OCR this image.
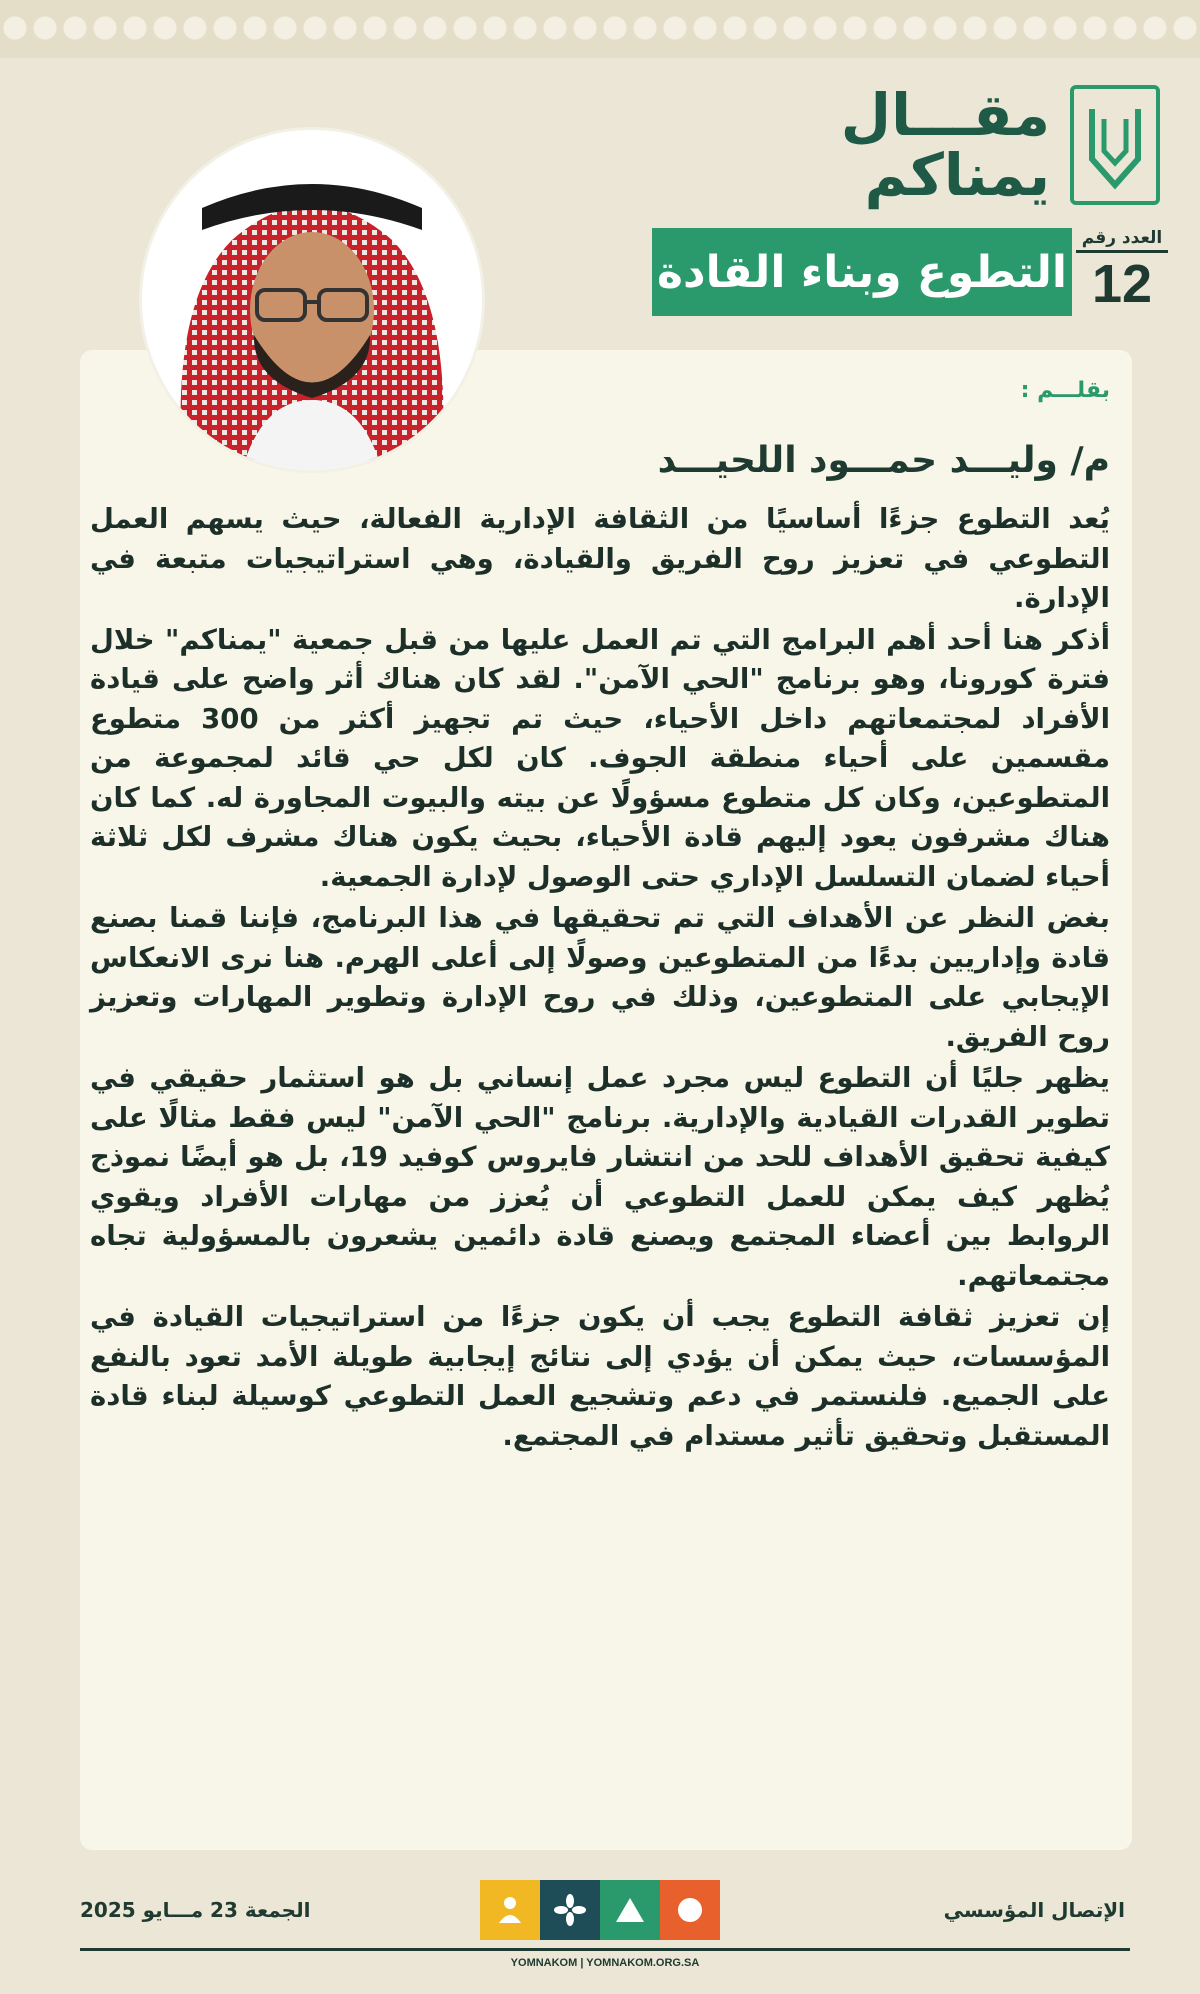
مقـــال
يمناكم
العدد رقم
12
التطوع وبناء القادة
بقلـــم :
م/ وليـــد حمـــود اللحيـــد

يُعد التطوع جزءًا أساسيًا من الثقافة الإدارية الفعالة، حيث يسهم العمل التطوعي في تعزيز روح الفريق والقيادة، وهي استراتيجيات متبعة في الإدارة.

أذكر هنا أحد أهم البرامج التي تم العمل عليها من قبل جمعية "يمناكم" خلال فترة كورونا، وهو برنامج "الحي الآمن". لقد كان هناك أثر واضح على قيادة الأفراد لمجتمعاتهم داخل الأحياء، حيث تم تجهيز أكثر من 300 متطوع مقسمين على أحياء منطقة الجوف. كان لكل حي قائد لمجموعة من المتطوعين، وكان كل متطوع مسؤولًا عن بيته والبيوت المجاورة له. كما كان هناك مشرفون يعود إليهم قادة الأحياء، بحيث يكون هناك مشرف لكل ثلاثة أحياء لضمان التسلسل الإداري حتى الوصول لإدارة الجمعية.

بغض النظر عن الأهداف التي تم تحقيقها في هذا البرنامج، فإننا قمنا بصنع قادة وإداريين بدءًا من المتطوعين وصولًا إلى أعلى الهرم. هنا نرى الانعكاس الإيجابي على المتطوعين، وذلك في روح الإدارة وتطوير المهارات وتعزيز روح الفريق.

يظهر جليًا أن التطوع ليس مجرد عمل إنساني بل هو استثمار حقيقي في تطوير القدرات القيادية والإدارية. برنامج "الحي الآمن" ليس فقط مثالًا على كيفية تحقيق الأهداف للحد من انتشار فايروس كوفيد 19، بل هو أيضًا نموذج يُظهر كيف يمكن للعمل التطوعي أن يُعزز من مهارات الأفراد ويقوي الروابط بين أعضاء المجتمع ويصنع قادة دائمين يشعرون بالمسؤولية تجاه مجتمعاتهم.

إن تعزيز ثقافة التطوع يجب أن يكون جزءًا من استراتيجيات القيادة في المؤسسات، حيث يمكن أن يؤدي إلى نتائج إيجابية طويلة الأمد تعود بالنفع على الجميع. فلنستمر في دعم وتشجيع العمل التطوعي كوسيلة لبناء قادة المستقبل وتحقيق تأثير مستدام في المجتمع.

الإتصال المؤسسي
الجمعة 23 مـــايو 2025
YOMNAKOM | YOMNAKOM.ORG.SA
